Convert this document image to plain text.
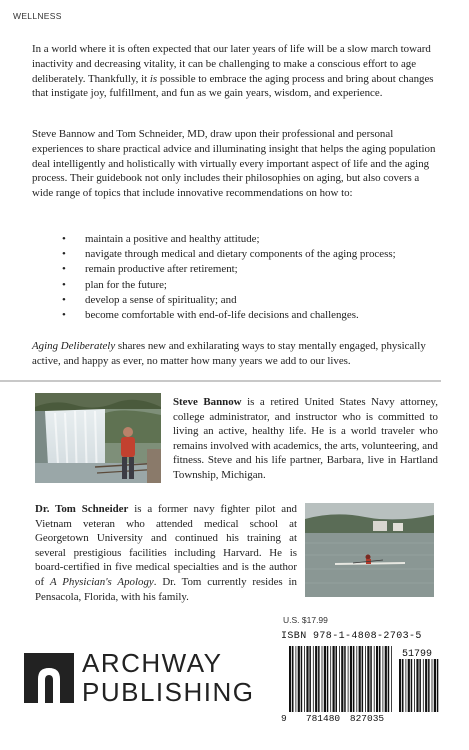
WELLNESS

In a world where it is often expected that our later years of life will be a slow march toward inactivity and decreasing vitality, it can be challenging to make a conscious effort to age deliberately. Thankfully, it is possible to embrace the aging process and bring about changes that instigate joy, fulfillment, and fun as we gain years, wisdom, and experience.

Steve Bannow and Tom Schneider, MD, draw upon their professional and personal experiences to share practical advice and illuminating insight that helps the aging population deal intelligently and holistically with virtually every important aspect of life and the aging process. Their guidebook not only includes their philosophies on aging, but also covers a wide range of topics that include innovative recommendations on how to:

• maintain a positive and healthy attitude;
• navigate through medical and dietary components of the aging process;
• remain productive after retirement;
• plan for the future;
• develop a sense of spirituality; and
• become comfortable with end-of-life decisions and challenges.

Aging Deliberately shares new and exhilarating ways to stay mentally engaged, physically active, and happy as ever, no matter how many years we add to our lives.

Steve Bannow is a retired United States Navy attorney, college administrator, and instructor who is committed to living an active, healthy life. He is a world traveler who remains involved with academics, the arts, volunteering, and fitness. Steve and his life partner, Barbara, live in Hartland Township, Michigan.

Dr. Tom Schneider is a former navy fighter pilot and Vietnam veteran who attended medical school at Georgetown University and continued his training at several prestigious facilities including Harvard. He is board-certified in five medical specialties and is the author of A Physician's Apology. Dr. Tom currently resides in Pensacola, Florida, with his family.

U.S. $17.99
ISBN 978-1-4808-2703-5
51799
9 781480 827035
ARCHWAY
PUBLISHING
